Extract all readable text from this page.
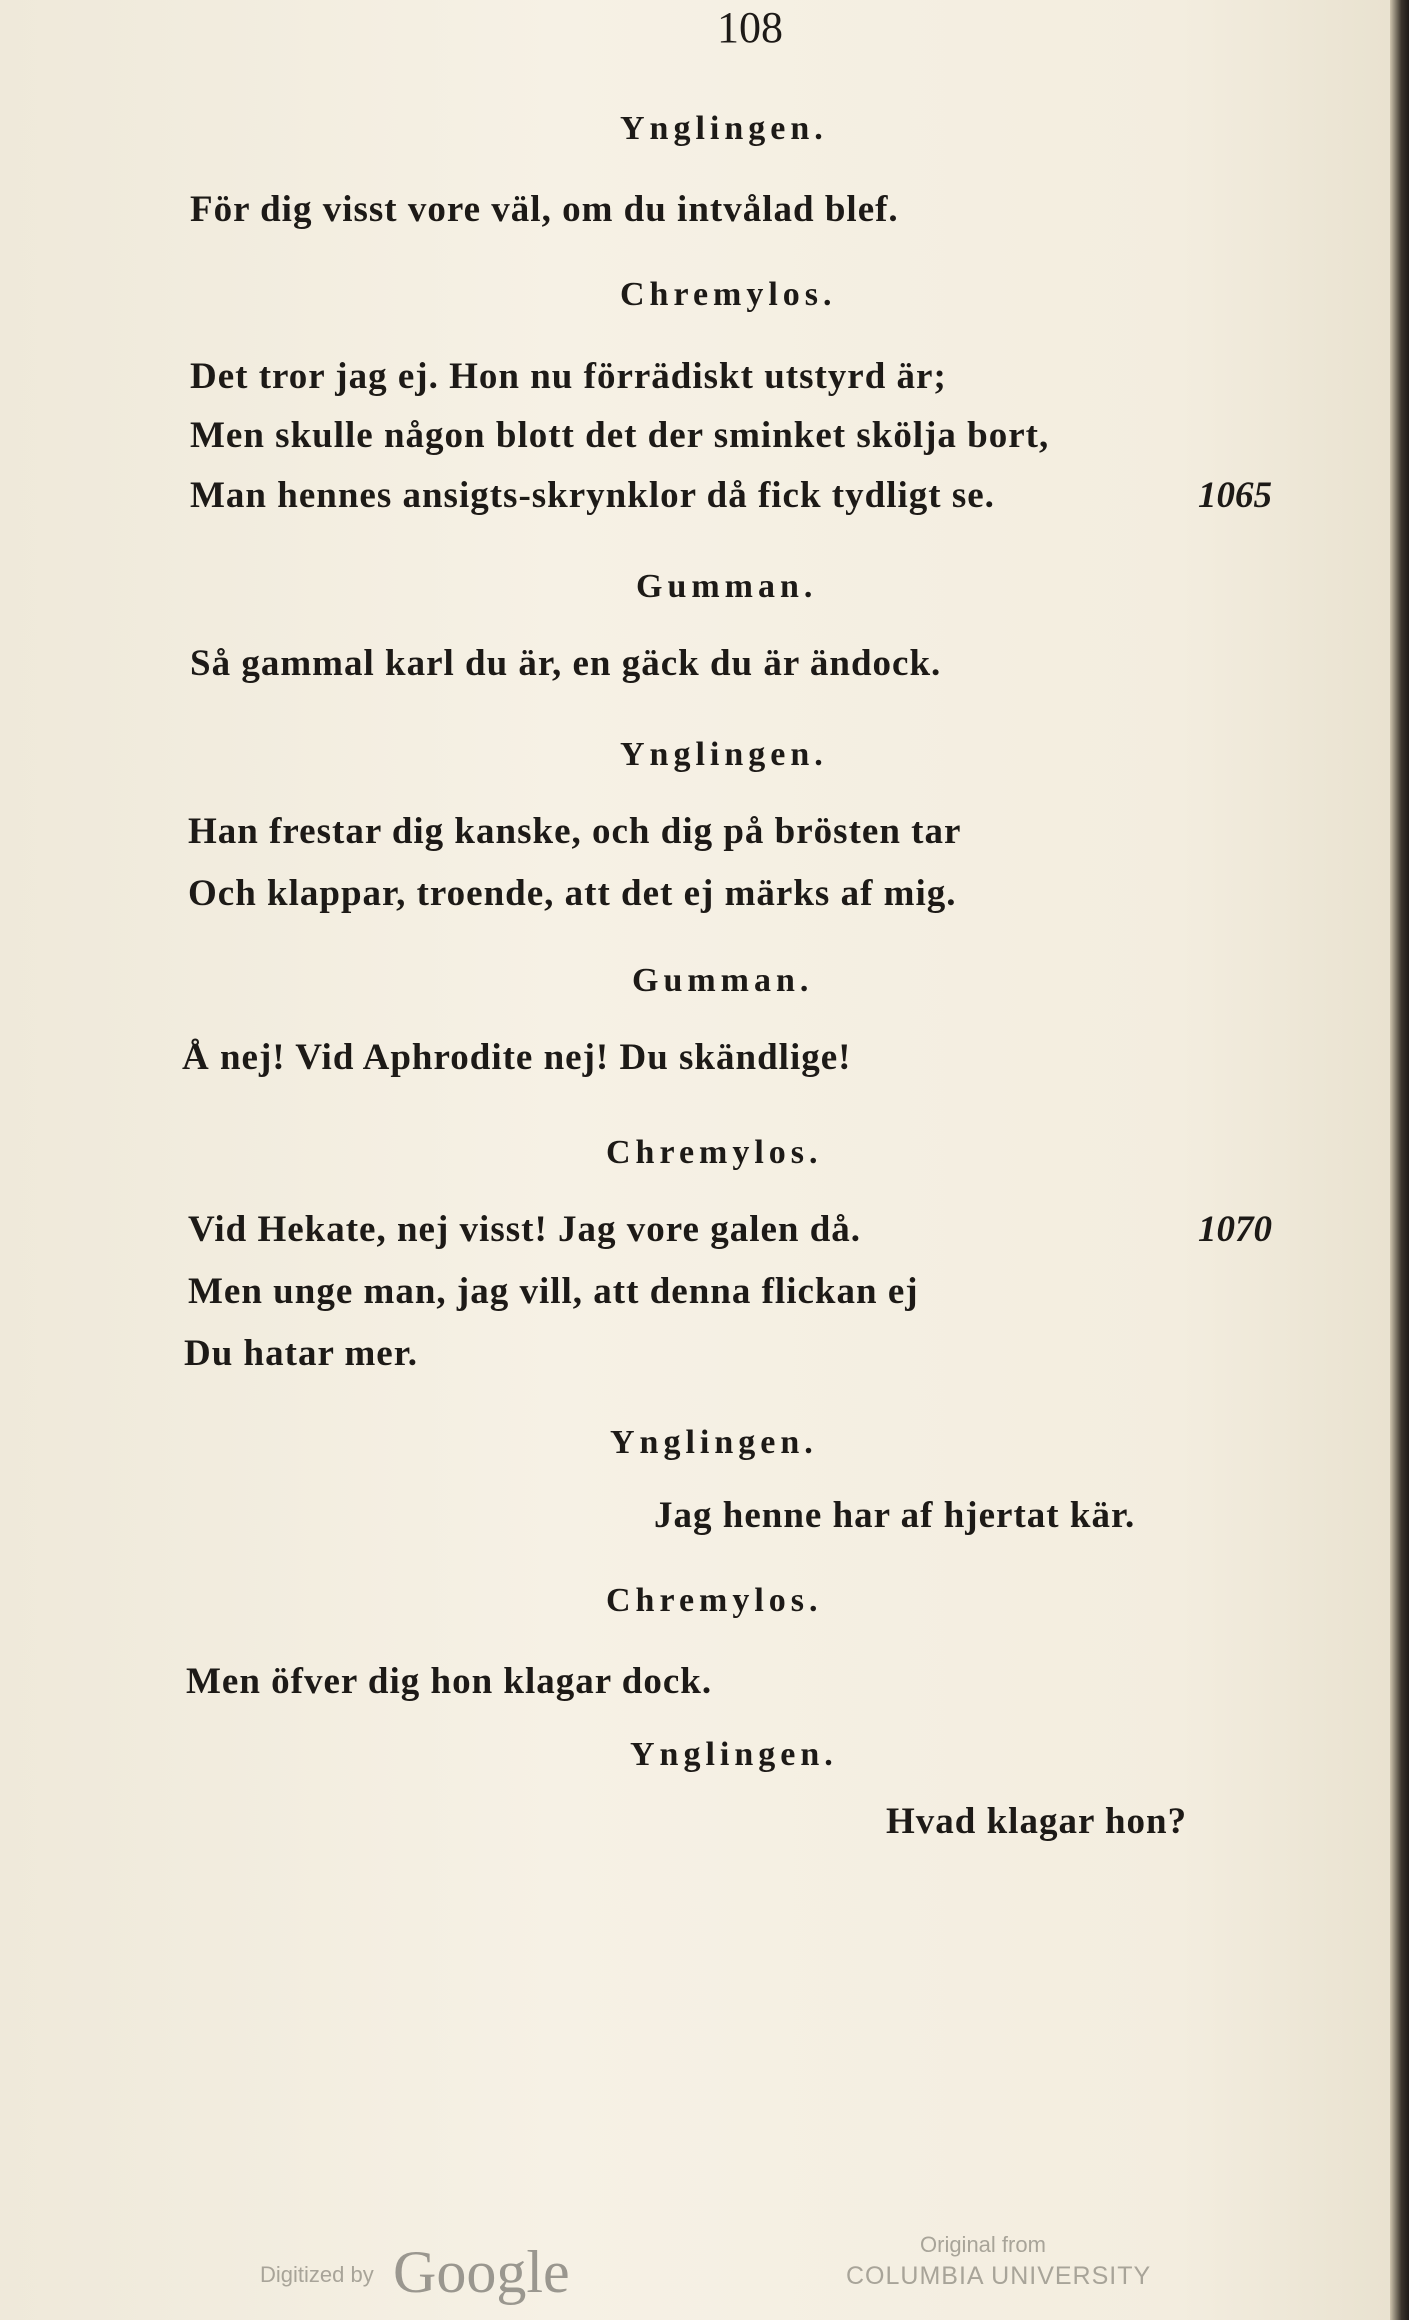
108
Ynglingen.
För dig visst vore väl, om du intvålad blef.
Chremylos.
Det tror jag ej. Hon nu förrädiskt utstyrd är;
Men skulle någon blott det der sminket skölja bort,
Man hennes ansigts-skrynklor då fick tydligt se.	1065
Gumman.
Så gammal karl du är, en gäck du är ändock.
Ynglingen.
Han frestar dig kanske, och dig på brösten tar
Och klappar, troende, att det ej märks af mig.
Gumman.
Å nej! Vid Aphrodite nej! Du skändlige!
Chremylos.
Vid Hekate, nej visst! Jag vore galen då.	1070
Men unge man, jag vill, att denna flickan ej
Du hatar mer.
Ynglingen.
Jag henne har af hjertat kär.
Chremylos.
Men öfver dig hon klagar dock.
Ynglingen.
Hvad klagar hon?
Digitized by Google	Original from
COLUMBIA UNIVERSITY
